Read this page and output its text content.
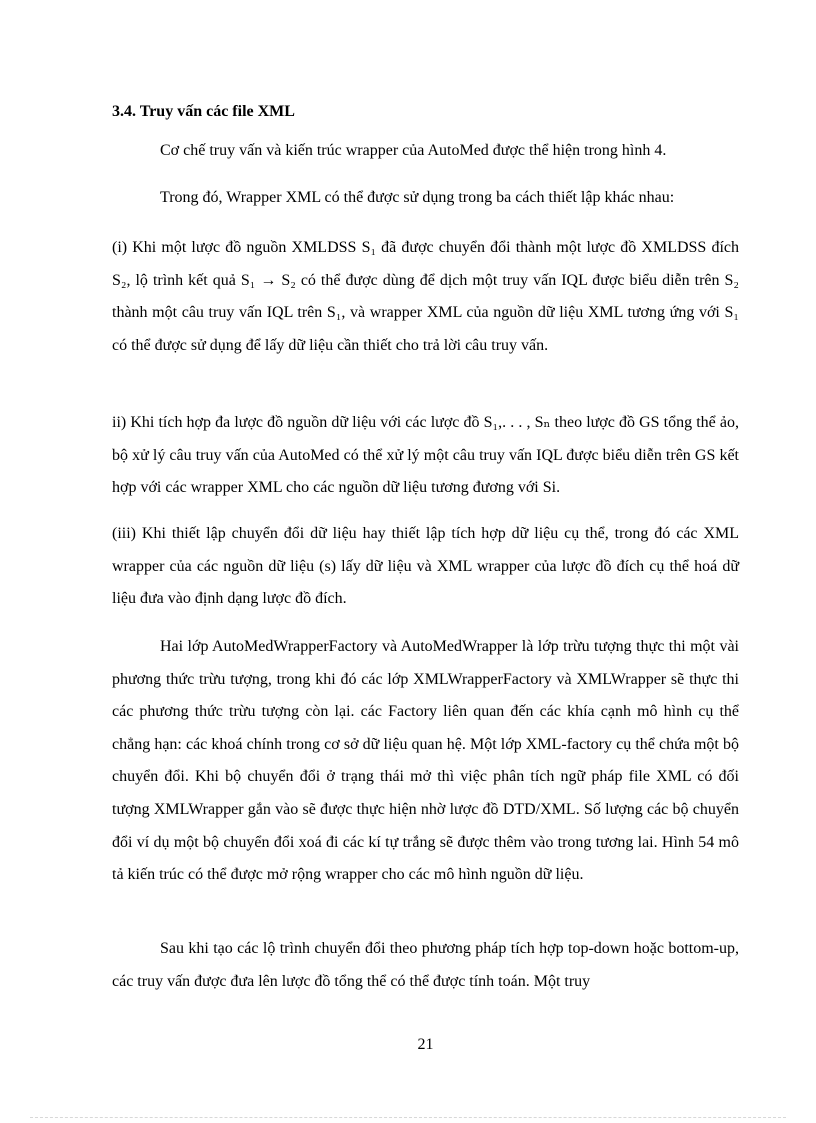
3.4. Truy vấn các file XML

Cơ chế truy vấn và kiến trúc wrapper của AutoMed được thể hiện trong hình 4.

Trong đó, Wrapper XML có thể được sử dụng trong ba cách thiết lập khác nhau:

(i) Khi một lược đồ nguồn XMLDSS S₁ đã được chuyển đổi thành một lược đồ XMLDSS đích S₂, lộ trình kết quả S₁ → S₂ có thể được dùng để dịch một truy vấn IQL được biểu diễn trên S₂ thành một câu truy vấn IQL trên S₁, và wrapper XML của nguồn dữ liệu XML tương ứng với S₁ có thể được sử dụng để lấy dữ liệu cần thiết cho trả lời câu truy vấn.

ii) Khi tích hợp đa lược đồ nguồn dữ liệu với các lược đồ S₁,. . . , Sₙ theo lược đồ GS tổng thể ảo, bộ xử lý câu truy vấn của AutoMed có thể xử lý một câu truy vấn IQL được biểu diễn trên GS kết hợp với các wrapper XML cho các nguồn dữ liệu tương đương với Si.

(iii) Khi thiết lập chuyển đổi dữ liệu hay thiết lập tích hợp dữ liệu cụ thể, trong đó các XML wrapper của các nguồn dữ liệu (s) lấy dữ liệu và XML wrapper của lược đồ đích cụ thể hoá dữ liệu đưa vào định dạng lược đồ đích.

Hai lớp AutoMedWrapperFactory và AutoMedWrapper là lớp trừu tượng thực thi một vài phương thức trừu tượng, trong khi đó các lớp XMLWrapperFactory và XMLWrapper sẽ thực thi các phương thức trừu tượng còn lại. các Factory liên quan đến các khía cạnh mô hình cụ thể chẳng hạn: các khoá chính trong cơ sở dữ liệu quan hệ. Một lớp XML-factory cụ thể chứa một bộ chuyển đổi. Khi bộ chuyển đổi ở trạng thái mở thì việc phân tích ngữ pháp file XML có đối tượng XMLWrapper gắn vào sẽ được thực hiện nhờ lược đồ DTD/XML. Số lượng các bộ chuyển đổi ví dụ một bộ chuyển đổi xoá đi các kí tự trắng sẽ được thêm vào trong tương lai. Hình 54 mô tả kiến trúc có thể được mở rộng wrapper cho các mô hình nguồn dữ liệu.

Sau khi tạo các lộ trình chuyển đổi theo phương pháp tích hợp top-down hoặc bottom-up, các truy vấn được đưa lên lược đồ tổng thể có thể được tính toán. Một truy

21
